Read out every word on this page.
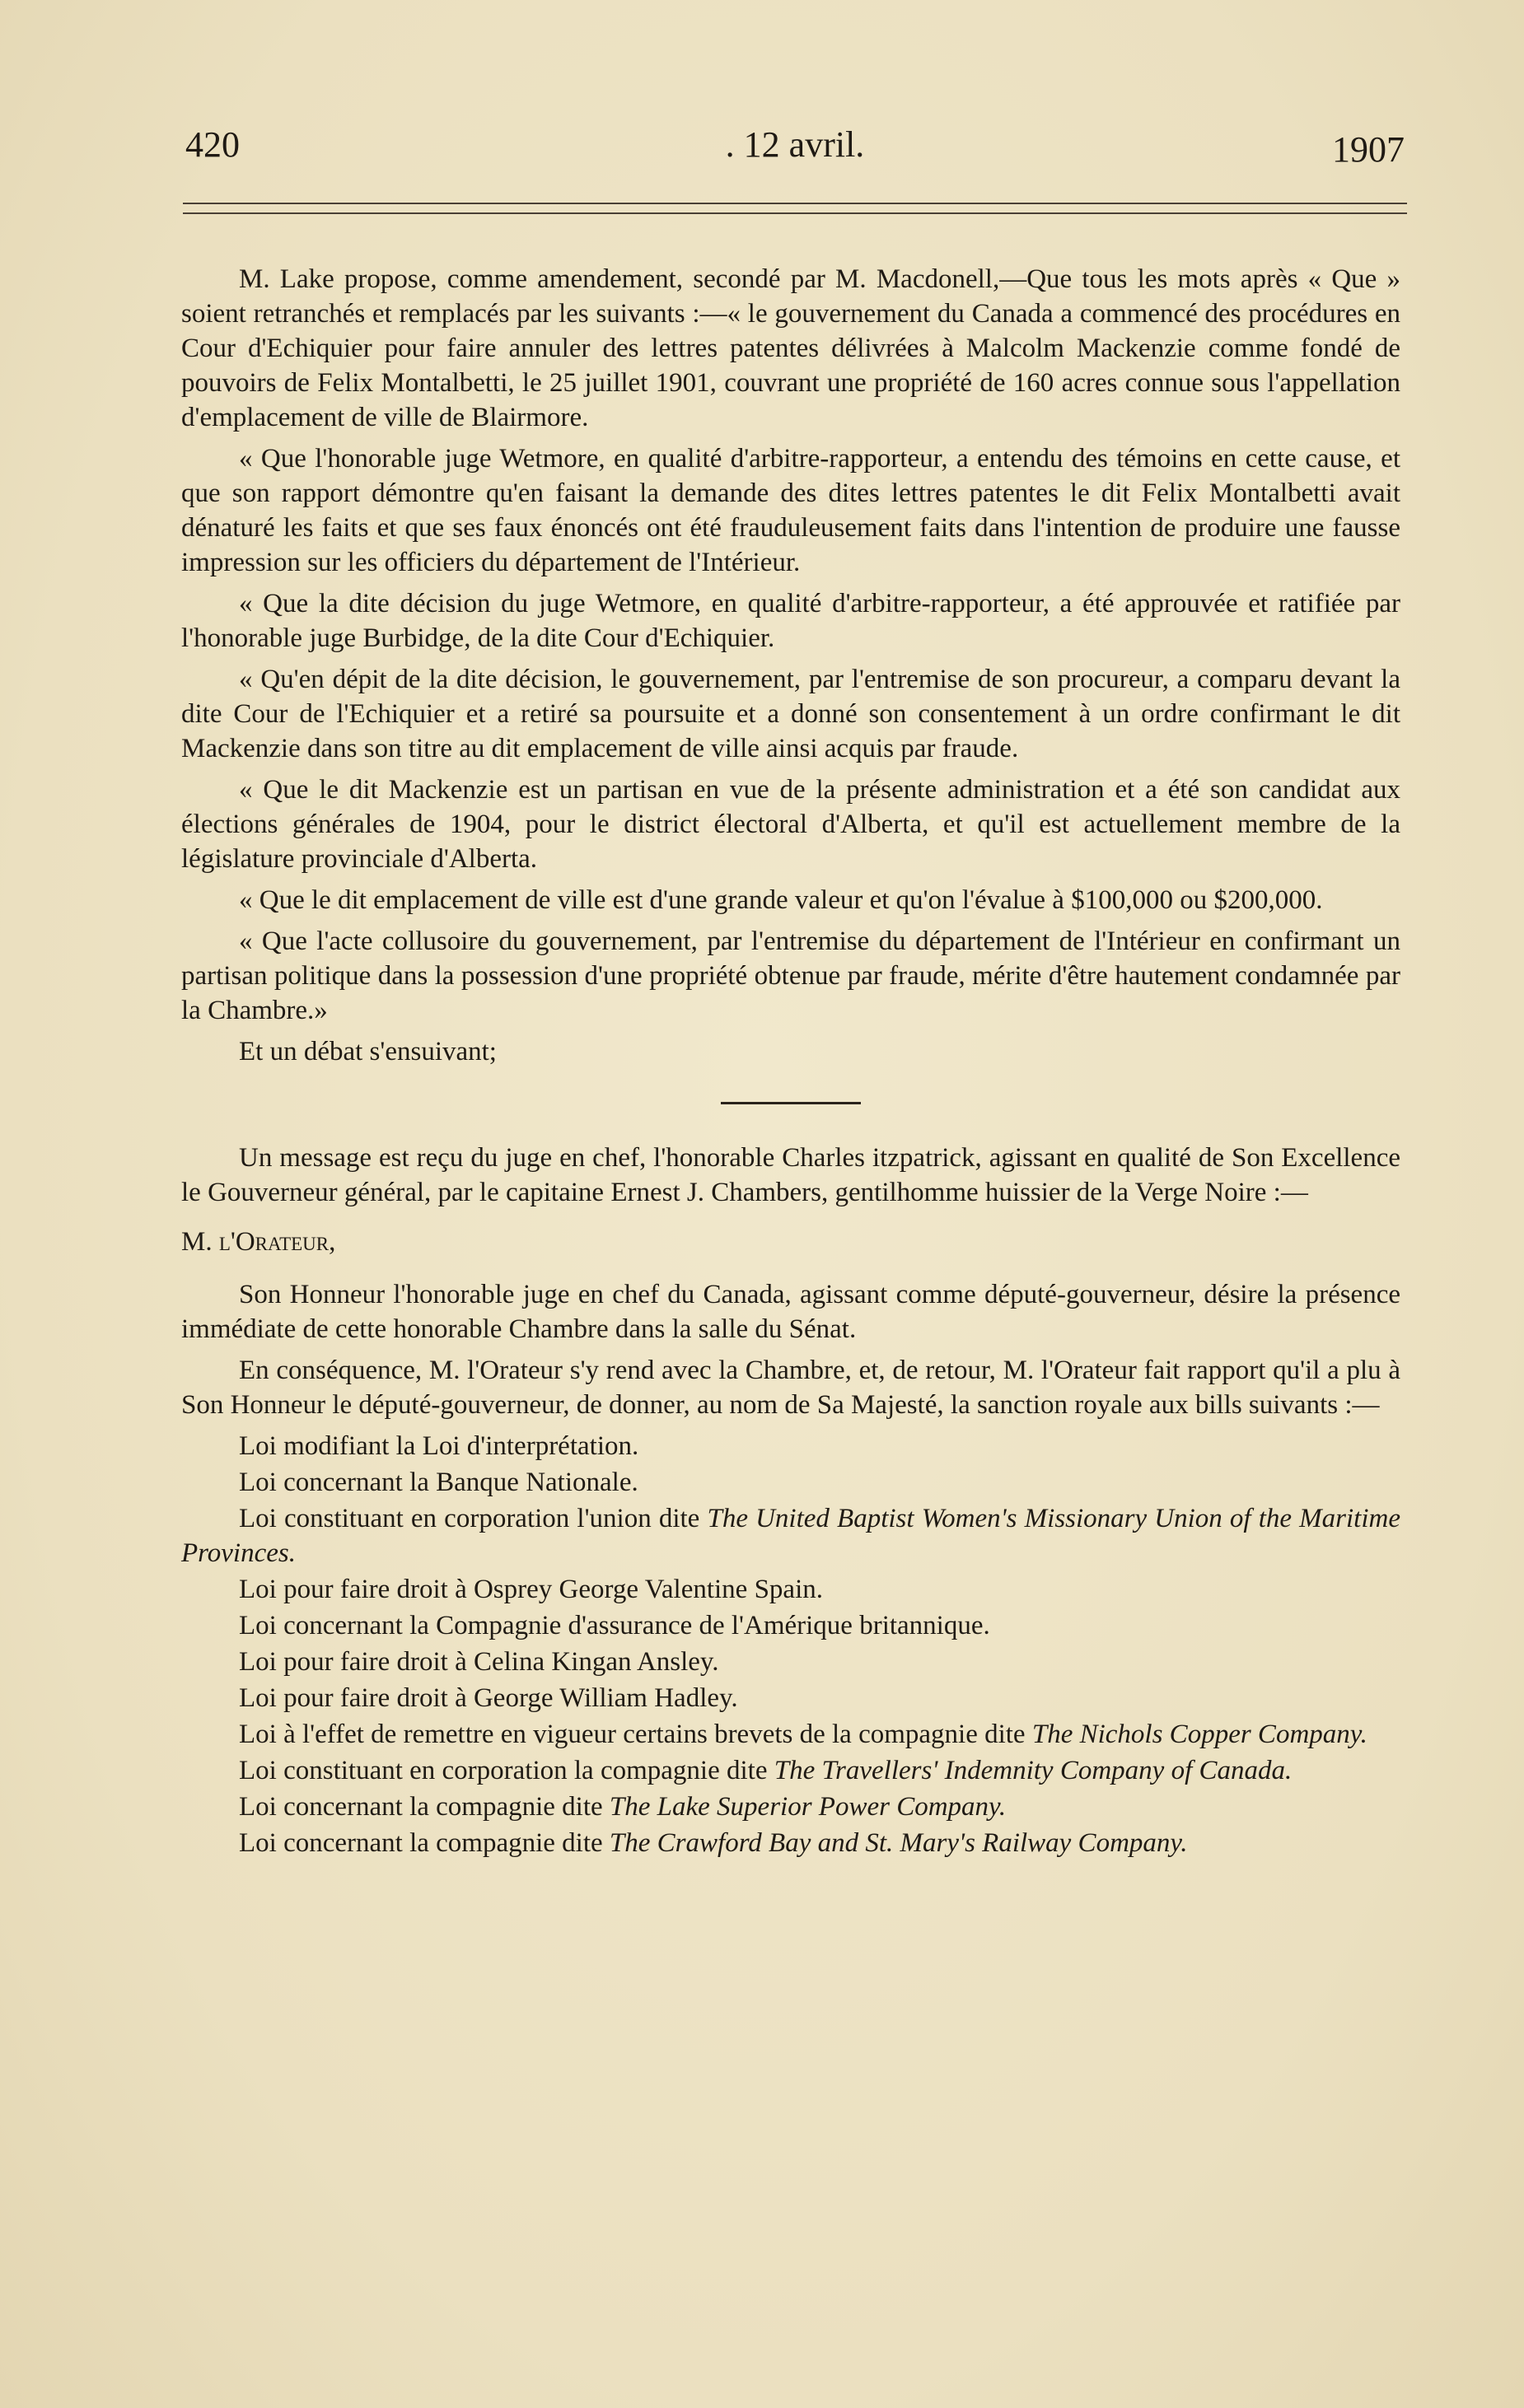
420	. 12 avril.	1907

M. Lake propose, comme amendement, secondé par M. Macdonell,—Que tous les mots après « Que » soient retranchés et remplacés par les suivants :—« le gouvernement du Canada a commencé des procédures en Cour d'Echiquier pour faire annuler des lettres patentes délivrées à Malcolm Mackenzie comme fondé de pouvoirs de Felix Montalbetti, le 25 juillet 1901, couvrant une propriété de 160 acres connue sous l'appellation d'emplacement de ville de Blairmore.

« Que l'honorable juge Wetmore, en qualité d'arbitre-rapporteur, a entendu des témoins en cette cause, et que son rapport démontre qu'en faisant la demande des dites lettres patentes le dit Felix Montalbetti avait dénaturé les faits et que ses faux énoncés ont été frauduleusement faits dans l'intention de produire une fausse impression sur les officiers du département de l'Intérieur.

« Que la dite décision du juge Wetmore, en qualité d'arbitre-rapporteur, a été approuvée et ratifiée par l'honorable juge Burbidge, de la dite Cour d'Echiquier.

« Qu'en dépit de la dite décision, le gouvernement, par l'entremise de son procureur, a comparu devant la dite Cour de l'Echiquier et a retiré sa poursuite et a donné son consentement à un ordre confirmant le dit Mackenzie dans son titre au dit emplacement de ville ainsi acquis par fraude.

« Que le dit Mackenzie est un partisan en vue de la présente administration et a été son candidat aux élections générales de 1904, pour le district électoral d'Alberta, et qu'il est actuellement membre de la législature provinciale d'Alberta.

« Que le dit emplacement de ville est d'une grande valeur et qu'on l'évalue à $100,000 ou $200,000.

« Que l'acte collusoire du gouvernement, par l'entremise du département de l'Intérieur en confirmant un partisan politique dans la possession d'une propriété obtenue par fraude, mérite d'être hautement condamnée par la Chambre.»

Et un débat s'ensuivant;

Un message est reçu du juge en chef, l'honorable Charles itzpatrick, agissant en qualité de Son Excellence le Gouverneur général, par le capitaine Ernest J. Chambers, gentilhomme huissier de la Verge Noire :—

M. l'Orateur,

Son Honneur l'honorable juge en chef du Canada, agissant comme député-gouverneur, désire la présence immédiate de cette honorable Chambre dans la salle du Sénat.

En conséquence, M. l'Orateur s'y rend avec la Chambre, et, de retour, M. l'Orateur fait rapport qu'il a plu à Son Honneur le député-gouverneur, de donner, au nom de Sa Majesté, la sanction royale aux bills suivants :—

Loi modifiant la Loi d'interprétation.

Loi concernant la Banque Nationale.

Loi constituant en corporation l'union dite The United Baptist Women's Missionary Union of the Maritime Provinces.

Loi pour faire droit à Osprey George Valentine Spain.

Loi concernant la Compagnie d'assurance de l'Amérique britannique.

Loi pour faire droit à Celina Kingan Ansley.

Loi pour faire droit à George William Hadley.

Loi à l'effet de remettre en vigueur certains brevets de la compagnie dite The Nichols Copper Company.

Loi constituant en corporation la compagnie dite The Travellers' Indemnity Company of Canada.

Loi concernant la compagnie dite The Lake Superior Power Company.

Loi concernant la compagnie dite The Crawford Bay and St. Mary's Railway Company.
